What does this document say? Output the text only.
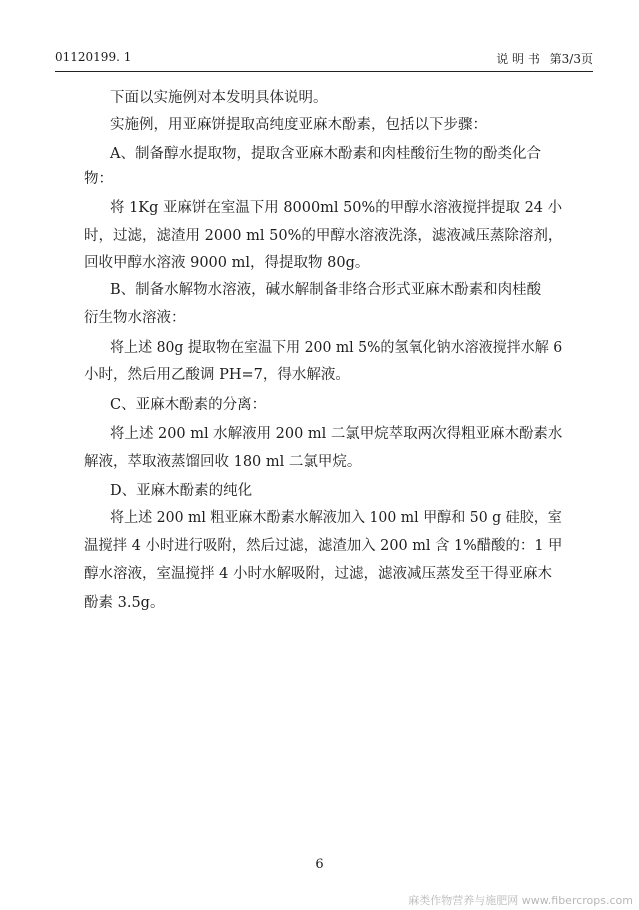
01120199. 1	说 明 书 第3/3页
下面以实施例对本发明具体说明。
实施例，用亚麻饼提取高纯度亚麻木酚素，包括以下步骤：
A、制备醇水提取物，提取含亚麻木酚素和肉桂酸衍生物的酚类化合
物：
将 1Kg 亚麻饼在室温下用 8000ml 50%的甲醇水溶液搅拌提取 24 小
时，过滤，滤渣用 2000 ml 50%的甲醇水溶液洗涤，滤液减压蒸除溶剂，
回收甲醇水溶液 9000 ml，得提取物 80g。
B、制备水解物水溶液，碱水解制备非络合形式亚麻木酚素和肉桂酸
衍生物水溶液：
将上述 80g 提取物在室温下用 200 ml 5%的氢氧化钠水溶液搅拌水解 6
小时，然后用乙酸调 PH=7，得水解液。
C、亚麻木酚素的分离：
将上述 200 ml 水解液用 200 ml 二氯甲烷萃取两次得粗亚麻木酚素水
解液，萃取液蒸馏回收 180 ml 二氯甲烷。
D、亚麻木酚素的纯化
将上述 200 ml 粗亚麻木酚素水解液加入 100 ml 甲醇和 50 g 硅胶，室
温搅拌 4 小时进行吸附，然后过滤，滤渣加入 200 ml 含 1%醋酸的：1 甲
醇水溶液，室温搅拌 4 小时水解吸附，过滤，滤液减压蒸发至干得亚麻木
酚素 3.5g。
6
麻类作物营养与施肥网 www.fibercrops.com
